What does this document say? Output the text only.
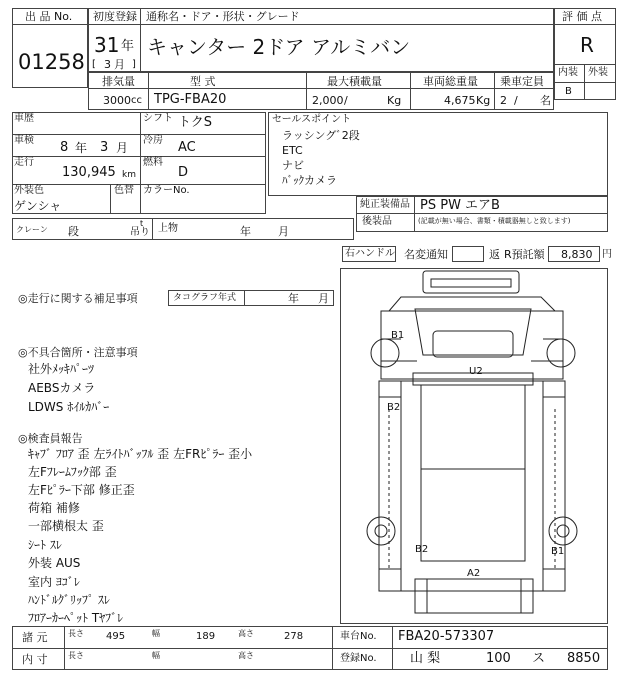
出 品 No.
01258
初度登録 通称名・ドア・形状・グレード
31 年
[ 3 月 ]
キャンター 2ドア アルミバン
評 価 点
R
内装 外装
B
排気量	型 式	最大積載量	車両総重量 乗車定員
3000 cc TPG-FBA20	2,000 /	Kg	4,675 Kg 2 / 名
車歴	シフト トクS
車検 8 年 3 月
冷房 AC
走行
130,945 km
燃料
D
外装色
ゲンシャ
色替 カラーNo.
セールスポイント
ラッシングﾞ2段
ETC
ナビ
ﾊﾞｯｸカメラ
純正装備品 PS PW エアB
後装品	(記載が無い場合、書類・積載器無しと致します)
クレーン 段
t
吊り 上物	年 月
右ハンドル 名変通知	返 R預託額 8,830 円
◎走行に関する補足事項	タコグラフ年式	年 月
◎不具合箇所・注意事項
社外ﾒｯｷﾊﾟｰﾂ
AEBSカメラ
LDWS ﾎｲﾙｶﾊﾞｰ
◎検査員報告
ｷｬﾌﾞ ﾌﾛｱ 歪 左ﾗｲﾄﾊﾞｯﾌﾙ 歪 左FRﾋﾟﾗｰ 歪小
左Fﾌﾚｰﾑﾌｯｸ部 歪
左Fﾋﾟﾗｰ下部 修正歪
荷箱 補修
一部横根太 歪
ｼｰﾄ ｽﾚ
外装 AUS
室内 ﾖｺﾞﾚ
ﾊﾝﾄﾞﾙｸﾞﾘｯﾌﾟ ｽﾚ
ﾌﾛｱｰｶｰﾍﾟｯﾄ Tﾔﾌﾞﾚ
B1
U2
B2
B2	B1
A2
諸 元	長さ 495	幅	189	高さ	278	車台No. FBA20-573307
内 寸	長さ	幅	高さ	登録No.	山 梨	100 ス 8850
